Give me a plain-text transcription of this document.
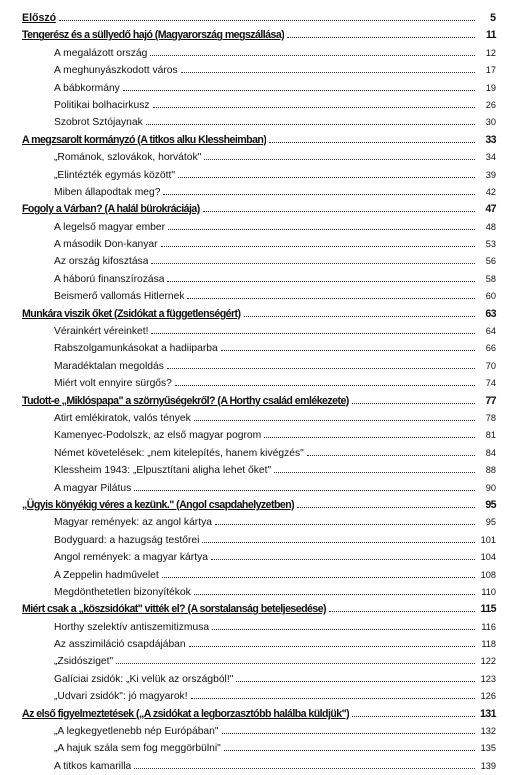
Előszó	5
Tengerész és a süllyedő hajó (Magyarország megszállása)	11
A megalázott ország	12
A meghunyászkodott város	17
A bábkormány	19
Politikai bolhacirkusz	26
Szobrot Sztójaynak	30
A megzsarolt kormányzó (A titkos alku Klessheimban)	33
„Románok, szlovákok, horvátok"	34
„Elintézték egymás között"	39
Miben állapodtak meg?	42
Fogoly a Várban? (A halál bürokráciája)	47
A legelső magyar ember	48
A második Don-kanyar	53
Az ország kifosztása	56
A háború finanszírozása	58
Beismerő vallomás Hitlernek	60
Munkára viszik őket (Zsidókat a függetlenségért)	63
Vérainkért véreinket!	64
Rabszolgamunkásokat a hadiiparba	66
Maradéktalan megoldás	70
Miért volt ennyire sürgős?	74
Tudott-e „Miklóspapa" a szörnyűségekről? (A Horthy család emlékezete)	77
Atirt emlékiratok, valós tények	78
Kamenyec-Podolszk, az első magyar pogrom	81
Német követelések: „nem kitelepítés, hanem kivégzés"	84
Klessheim 1943: „Elpusztítani aligha lehet őket"	88
A magyar Pilátus	90
„Ügyis könyékig véres a kezünk." (Angol csapdahelyzetben)	95
Magyar remények: az angol kártya	95
Bodyguard: a hazugság testőrei	101
Angol remények: a magyar kártya	104
A Zeppelin hadművelet	108
Megdönthetetlen bizonyítékok	110
Miért csak a „köszsidókat" vitték el? (A sorstalanság beteljesedése)	115
Horthy szelektív antiszemitizmusa	116
Az asszimiláció csapdájában	118
„Zsidósziget"	122
Galíciai zsidók: „Ki velük az országból!"	123
„Udvari zsidók": jó magyarok!	126
Az első figyelmeztetések („A zsidókat a legborzasztóbb halálba küldjük")	131
„A legkegyetlenebb nép Európában"	132
„A hajuk szála sem fog meggörbülni"	135
A titkos kamarilla	139
